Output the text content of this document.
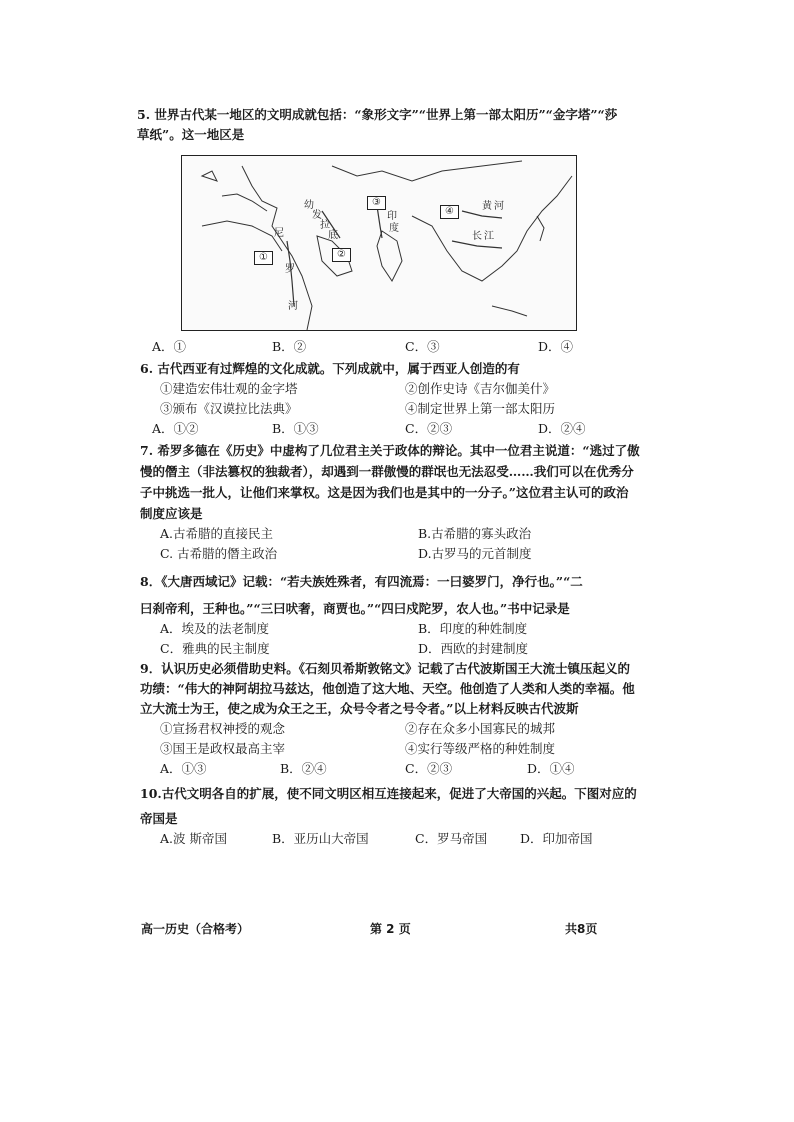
5. 世界古代某一地区的文明成就包括：“象形文字”“世界上第一部太阳历”“金字塔”“莎
草纸”。这一地区是
①	②
③
④
尼
罗
河
幼
发
拉
底
印
度
黄 河
长 江
A．①	B．②	C．③	D．④
6. 古代西亚有过辉煌的文化成就。下列成就中，属于西亚人创造的有
①建造宏伟壮观的金字塔	②创作史诗《吉尔伽美什》
③颁布《汉谟拉比法典》	④制定世界上第一部太阳历
A．①②	B．①③	C．②③	D．②④
7. 希罗多德在《历史》中虚构了几位君主关于政体的辩论。其中一位君主说道：“逃过了傲
慢的僭主（非法篡权的独裁者），却遇到一群傲慢的群氓也无法忍受……我们可以在优秀分
子中挑选一批人，让他们来掌权。这是因为我们也是其中的一分子。”这位君主认可的政治
制度应该是
A.古希腊的直接民主	B.古希腊的寡头政治
C. 古希腊的僭主政治	D.古罗马的元首制度
8．《大唐西域记》记载：“若夫族姓殊者，有四流焉：一曰婆罗门，净行也。”“二
曰刹帝利，王种也。”“三曰吠奢，商贾也。”“四曰戍陀罗，农人也。”书中记录是
A．埃及的法老制度	B．印度的种姓制度
C．雅典的民主制度	D．西欧的封建制度
9．认识历史必须借助史料。《石刻贝希斯敦铭文》记载了古代波斯国王大流士镇压起义的
功绩：“伟大的神阿胡拉马兹达，他创造了这大地、天空。他创造了人类和人类的幸福。他
立大流士为王，使之成为众王之王，众号令者之号令者。”以上材料反映古代波斯
①宣扬君权神授的观念	②存在众多小国寡民的城邦
③国王是政权最高主宰	④实行等级严格的种姓制度
A．①③	B．②④	C．②③	D．①④
10.古代文明各自的扩展，使不同文明区相互连接起来，促进了大帝国的兴起。下图对应的
帝国是
A.波 斯帝国	B．亚历山大帝国	C．罗马帝国	D．印加帝国
高一历史（合格考）	第 2 页	共8页
